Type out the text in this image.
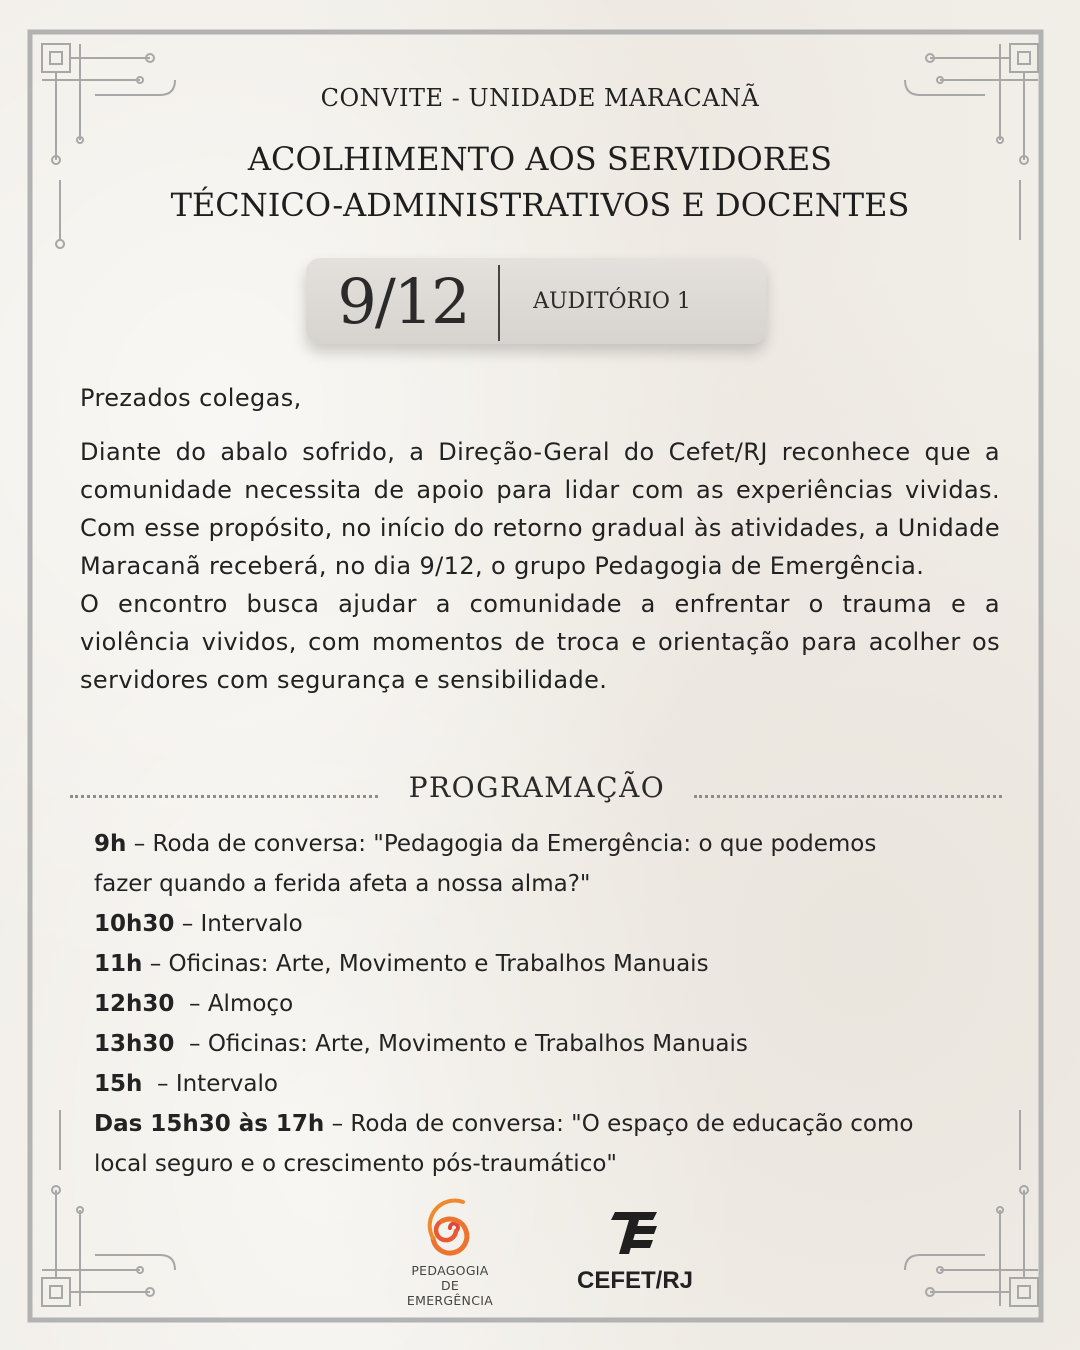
CONVITE - UNIDADE MARACANÃ
ACOLHIMENTO AOS SERVIDORES
TÉCNICO-ADMINISTRATIVOS E DOCENTES
9/12	AUDITÓRIO 1
Prezados colegas,

Diante do abalo sofrido, a Direção-Geral do Cefet/RJ reconhece que a comunidade necessita de apoio para lidar com as experiências vividas. Com esse propósito, no início do retorno gradual às atividades, a Unidade Maracanã receberá, no dia 9/12, o grupo Pedagogia de Emergência.

O encontro busca ajudar a comunidade a enfrentar o trauma e a violência vividos, com momentos de troca e orientação para acolher os servidores com segurança e sensibilidade.

PROGRAMAÇÃO
9h – Roda de conversa: "Pedagogia da Emergência: o que podemos
fazer quando a ferida afeta a nossa alma?"
10h30 – Intervalo
11h – Oficinas: Arte, Movimento e Trabalhos Manuais
12h30  – Almoço
13h30  – Oficinas: Arte, Movimento e Trabalhos Manuais
15h  – Intervalo
Das 15h30 às 17h – Roda de conversa: "O espaço de educação como
local seguro e o crescimento pós-traumático"
PEDAGOGIA
DE EMERGÊNCIA
CEFET/RJ
